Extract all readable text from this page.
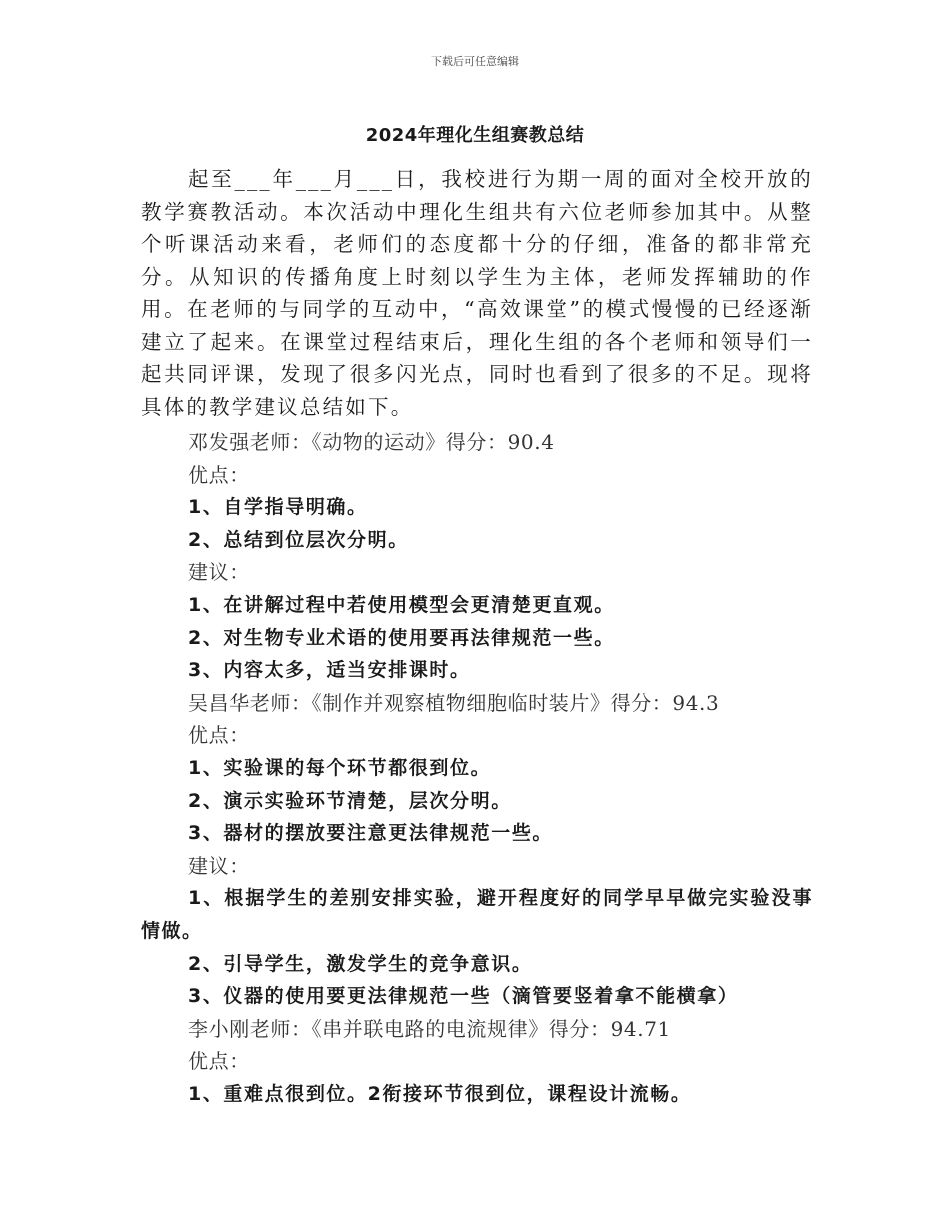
下载后可任意编辑
2024年理化生组赛教总结

起至___年___月___日，我校进行为期一周的面对全校开放的教学赛教活动。本次活动中理化生组共有六位老师参加其中。从整个听课活动来看，老师们的态度都十分的仔细，准备的都非常充分。从知识的传播角度上时刻以学生为主体，老师发挥辅助的作用。在老师的与同学的互动中，“高效课堂”的模式慢慢的已经逐渐建立了起来。在课堂过程结束后，理化生组的各个老师和领导们一起共同评课，发现了很多闪光点，同时也看到了很多的不足。现将具体的教学建议总结如下。

邓发强老师：《动物的运动》得分：90.4
优点：
1、自学指导明确。
2、总结到位层次分明。
建议：
1、在讲解过程中若使用模型会更清楚更直观。
2、对生物专业术语的使用要再法律规范一些。
3、内容太多，适当安排课时。
吴昌华老师：《制作并观察植物细胞临时装片》得分：94.3
优点：
1、实验课的每个环节都很到位。
2、演示实验环节清楚，层次分明。
3、器材的摆放要注意更法律规范一些。
建议：
1、根据学生的差别安排实验，避开程度好的同学早早做完实验没事情做。
2、引导学生，激发学生的竞争意识。
3、仪器的使用要更法律规范一些（滴管要竖着拿不能横拿）
李小刚老师：《串并联电路的电流规律》得分：94.71
优点：
1、重难点很到位。2衔接环节很到位，课程设计流畅。
